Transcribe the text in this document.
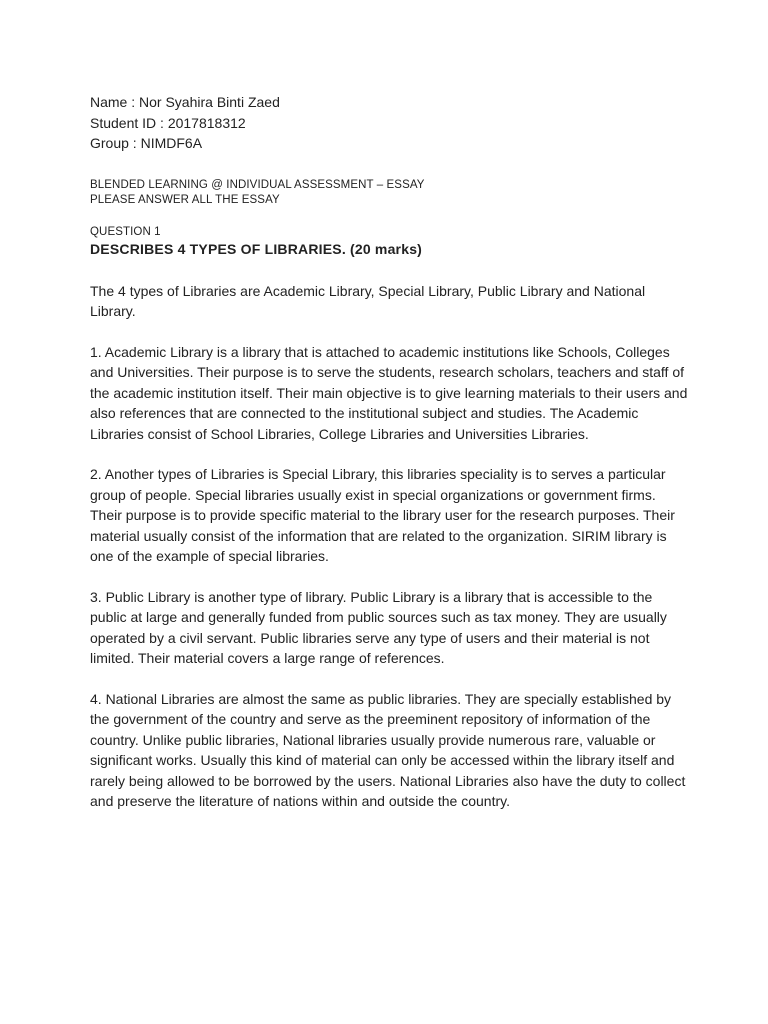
Name : Nor Syahira Binti Zaed

Student ID : 2017818312

Group : NIMDF6A

BLENDED LEARNING @ INDIVIDUAL ASSESSMENT – ESSAY

PLEASE ANSWER ALL THE ESSAY

QUESTION 1

DESCRIBES 4 TYPES OF LIBRARIES. (20 marks)

The 4 types of Libraries are Academic Library, Special Library, Public Library and National Library.

1. Academic Library is a library that is attached to academic institutions like Schools, Colleges and Universities. Their purpose is to serve the students, research scholars, teachers and staff of the academic institution itself. Their main objective is to give learning materials to their users and also references that are connected to the institutional subject and studies. The Academic Libraries consist of School Libraries, College Libraries and Universities Libraries.

2. Another types of Libraries is Special Library, this libraries speciality is to serves a particular group of people. Special libraries usually exist in special organizations or government firms. Their purpose is to provide specific material to the library user for the research purposes. Their material usually consist of the information that are related to the organization. SIRIM library is one of the example of special libraries.

3. Public Library is another type of library. Public Library is a library that is accessible to the public at large and generally funded from public sources such as tax money. They are usually operated by a civil servant. Public libraries serve any type of users and their material is not limited. Their material covers a large range of references.

4. National Libraries are almost the same as public libraries. They are specially established by the government of the country and serve as the preeminent repository of information of the country. Unlike public libraries, National libraries usually provide numerous rare, valuable or significant works. Usually this kind of material can only be accessed within the library itself and rarely being allowed to be borrowed by the users. National Libraries also have the duty to collect and preserve the literature of nations within and outside the country.
